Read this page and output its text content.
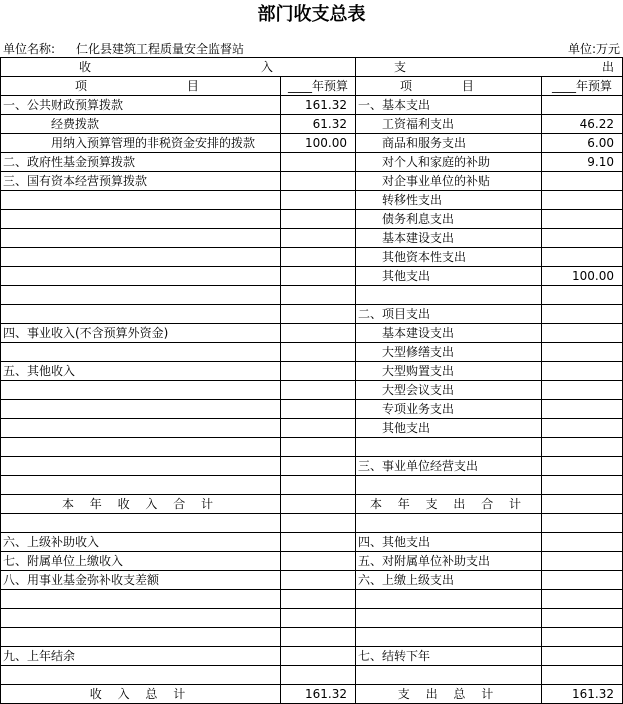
部门收支总表
单位名称: 仁化县建筑工程质量安全监督站	单位:万元
收 入		支 出	

项 目	____年预算	项 目	____年预算
一、公共财政预算拨款	161.32	一、基本支出	
经费拨款	61.32	工资福利支出	46.22
用纳入预算管理的非税资金安排的拨款	100.00	商品和服务支出	6.00
二、政府性基金预算拨款		对个人和家庭的补助	9.10
三、国有资本经营预算拨款		对企事业单位的补贴	
		转移性支出	
		债务利息支出	
		基本建设支出	
		其他资本性支出	
		其他支出	100.00

		二、项目支出	
四、事业收入(不含预算外资金)		基本建设支出	
		大型修缮支出	
五、其他收入		大型购置支出	
		大型会议支出	
		专项业务支出	
		其他支出	

		三、事业单位经营支出	

本 年 收 入 合 计		本 年 支 出 合 计	

六、上级补助收入		四、其他支出	
七、附属单位上缴收入		五、对附属单位补助支出	
八、用事业基金弥补收支差额		六、上缴上级支出	

九、上年结余		七、结转下年	

收 入 总 计	161.32	支 出 总 计	161.32
